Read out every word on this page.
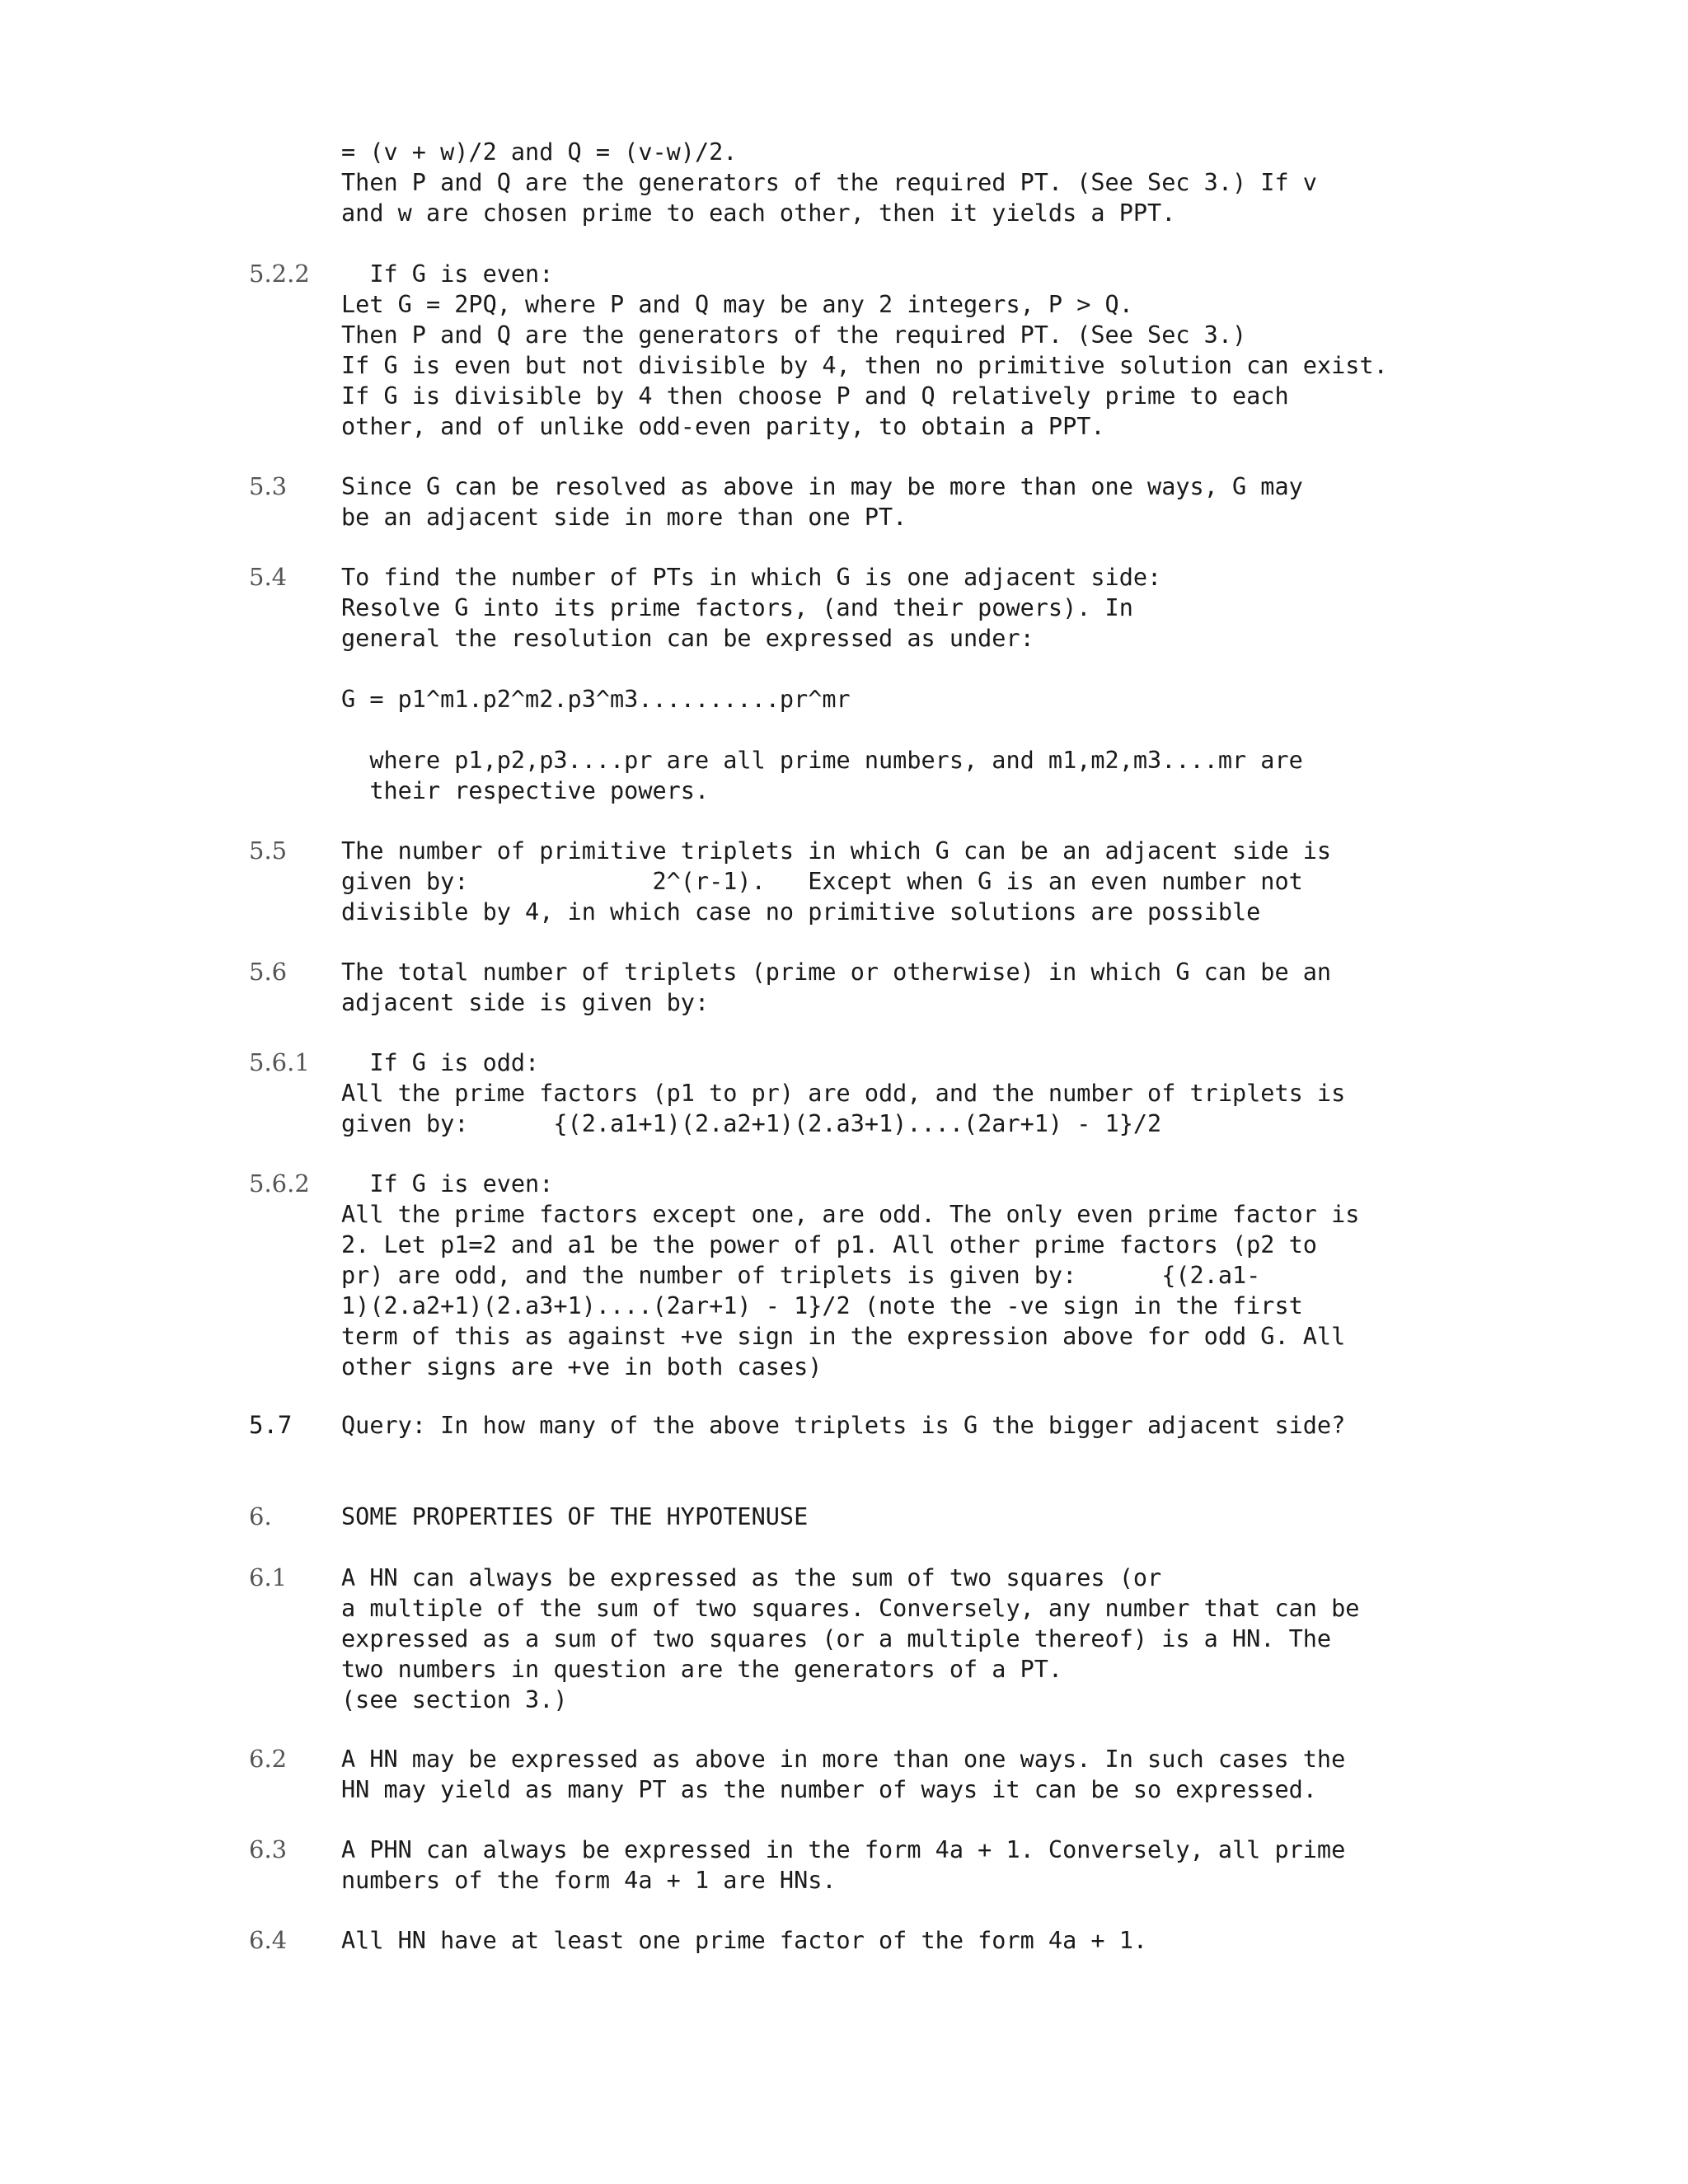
= (v + w)/2 and Q = (v-w)/2.
Then P and Q are the generators of the required PT. (See Sec 3.) If v
and w are chosen prime to each other, then it yields a PPT.
5.2.2 If G is even:
Let G = 2PQ, where P and Q may be any 2 integers, P > Q.
Then P and Q are the generators of the required PT. (See Sec 3.)
If G is even but not divisible by 4, then no primitive solution can exist.
If G is divisible by 4 then choose P and Q relatively prime to each
other, and of unlike odd-even parity, to obtain a PPT.
5.3 Since G can be resolved as above in may be more than one ways, G may
be an adjacent side in more than one PT.
5.4 To find the number of PTs in which G is one adjacent side:
Resolve G into its prime factors, (and their powers). In
general the resolution can be expressed as under:
G = p1^m1.p2^m2.p3^m3..........pr^mr
where p1,p2,p3....pr are all prime numbers, and m1,m2,m3....mr are
their respective powers.
5.5 The number of primitive triplets in which G can be an adjacent side is
given by:             2^(r-1).   Except when G is an even number not
divisible by 4, in which case no primitive solutions are possible
5.6 The total number of triplets (prime or otherwise) in which G can be an
adjacent side is given by:
5.6.1 If G is odd:
All the prime factors (p1 to pr) are odd, and the number of triplets is
given by:      {(2.a1+1)(2.a2+1)(2.a3+1)....(2ar+1) - 1}/2
5.6.2 If G is even:
All the prime factors except one, are odd. The only even prime factor is
2. Let p1=2 and a1 be the power of p1. All other prime factors (p2 to
pr) are odd, and the number of triplets is given by:      {(2.a1-
1)(2.a2+1)(2.a3+1)....(2ar+1) - 1}/2 (note the -ve sign in the first
term of this as against +ve sign in the expression above for odd G. All
other signs are +ve in both cases)
5.7 Query: In how many of the above triplets is G the bigger adjacent side?
6.	SOME PROPERTIES OF THE HYPOTENUSE
6.1 A HN can always be expressed as the sum of two squares (or
a multiple of the sum of two squares. Conversely, any number that can be
expressed as a sum of two squares (or a multiple thereof) is a HN. The
two numbers in question are the generators of a PT.
(see section 3.)
6.2 A HN may be expressed as above in more than one ways. In such cases the
HN may yield as many PT as the number of ways it can be so expressed.
6.3 A PHN can always be expressed in the form 4a + 1. Conversely, all prime
numbers of the form 4a + 1 are HNs.
6.4 All HN have at least one prime factor of the form 4a + 1.
